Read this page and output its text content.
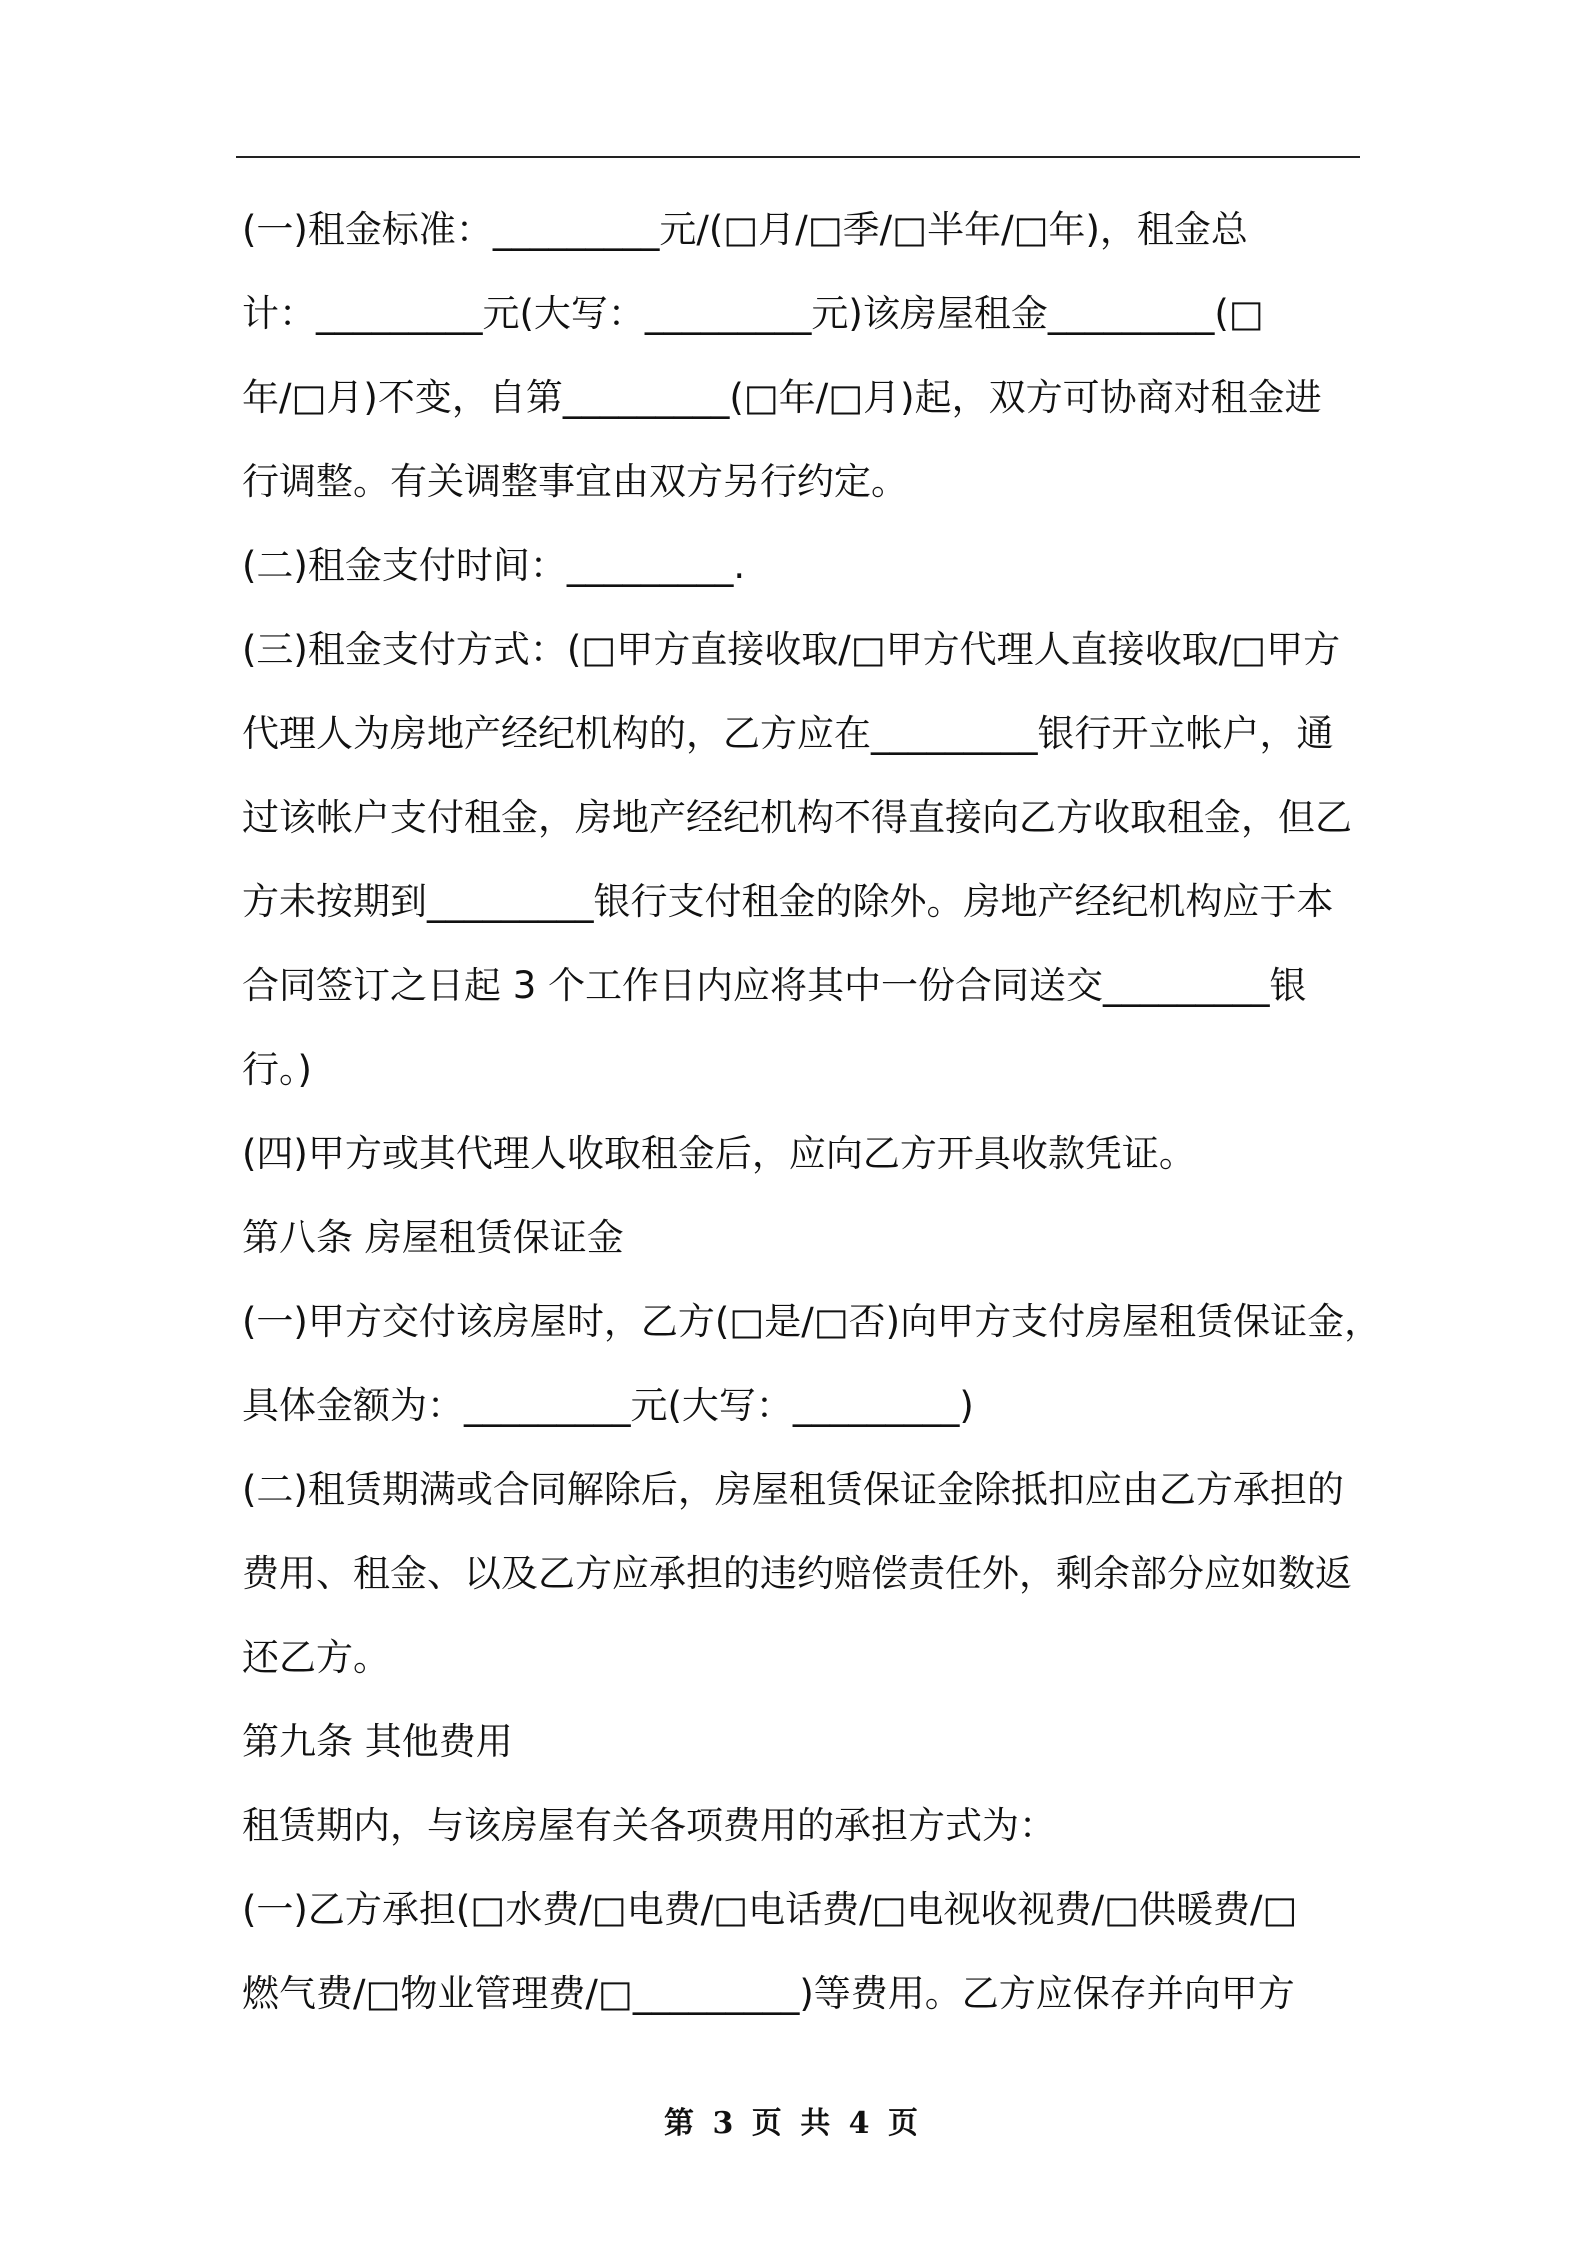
(一)租金标准：_________元/(□月/□季/□半年/□年)，租金总
计：_________元(大写：_________元)该房屋租金_________(□
年/□月)不变，自第_________(□年/□月)起，双方可协商对租金进
行调整。有关调整事宜由双方另行约定。
(二)租金支付时间：_________.
(三)租金支付方式：(□甲方直接收取/□甲方代理人直接收取/□甲方
代理人为房地产经纪机构的，乙方应在_________银行开立帐户，通
过该帐户支付租金，房地产经纪机构不得直接向乙方收取租金，但乙
方未按期到_________银行支付租金的除外。房地产经纪机构应于本
合同签订之日起 3 个工作日内应将其中一份合同送交_________银
行。)
(四)甲方或其代理人收取租金后，应向乙方开具收款凭证。
第八条 房屋租赁保证金
(一)甲方交付该房屋时，乙方(□是/□否)向甲方支付房屋租赁保证金，
具体金额为：_________元(大写：_________)
(二)租赁期满或合同解除后，房屋租赁保证金除抵扣应由乙方承担的
费用、租金、以及乙方应承担的违约赔偿责任外，剩余部分应如数返
还乙方。
第九条 其他费用
租赁期内，与该房屋有关各项费用的承担方式为：
(一)乙方承担(□水费/□电费/□电话费/□电视收视费/□供暖费/□
燃气费/□物业管理费/□_________)等费用。乙方应保存并向甲方
第 3 页 共 4 页
